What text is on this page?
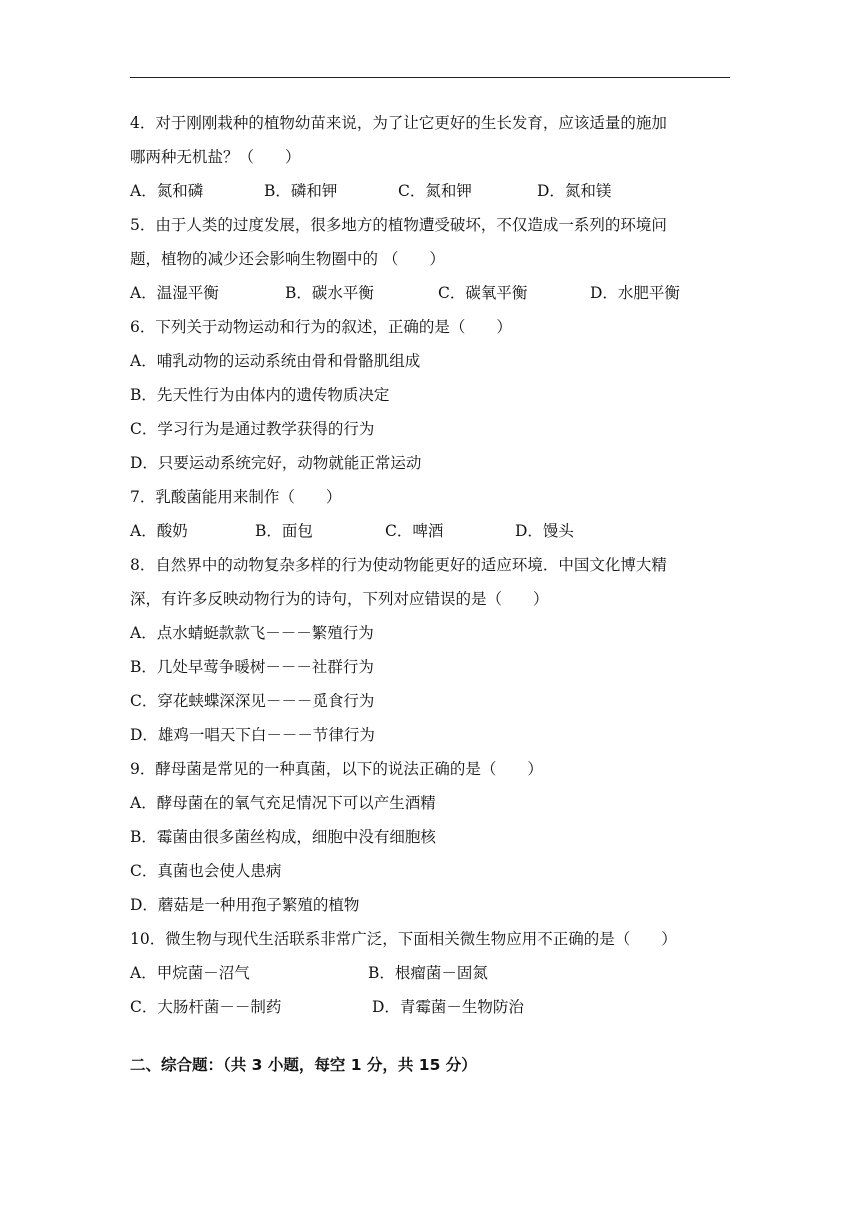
4．对于刚刚栽种的植物幼苗来说，为了让它更好的生长发育，应该适量的施加
哪两种无机盐？（　　）
A．氮和磷	B．磷和钾	C．氮和钾	D．氮和镁
5．由于人类的过度发展，很多地方的植物遭受破坏，不仅造成一系列的环境问
题，植物的减少还会影响生物圈中的 （　　）
A．温湿平衡	B．碳水平衡	C．碳氧平衡	D．水肥平衡
6．下列关于动物运动和行为的叙述，正确的是（　　）
A．哺乳动物的运动系统由骨和骨骼肌组成
B．先天性行为由体内的遗传物质决定
C．学习行为是通过教学获得的行为
D．只要运动系统完好，动物就能正常运动
7．乳酸菌能用来制作（　　）
A．酸奶	B．面包	C．啤酒	D．馒头
8．自然界中的动物复杂多样的行为使动物能更好的适应环境．中国文化博大精
深，有许多反映动物行为的诗句，下列对应错误的是（　　）
A．点水蜻蜓款款飞－－－繁殖行为
B．几处早莺争暖树－－－社群行为
C．穿花蛱蝶深深见－－－觅食行为
D．雄鸡一唱天下白－－－节律行为
9．酵母菌是常见的一种真菌，以下的说法正确的是（　　）
A．酵母菌在的氧气充足情况下可以产生酒精
B．霉菌由很多菌丝构成，细胞中没有细胞核
C．真菌也会使人患病
D．蘑菇是一种用孢子繁殖的植物
10．微生物与现代生活联系非常广泛，下面相关微生物应用不正确的是（　　）
A．甲烷菌－沼气	B．根瘤菌－固氮
C．大肠杆菌－－制药	D．青霉菌－生物防治
二、综合题：（共 3 小题，每空 1 分，共 15 分）
